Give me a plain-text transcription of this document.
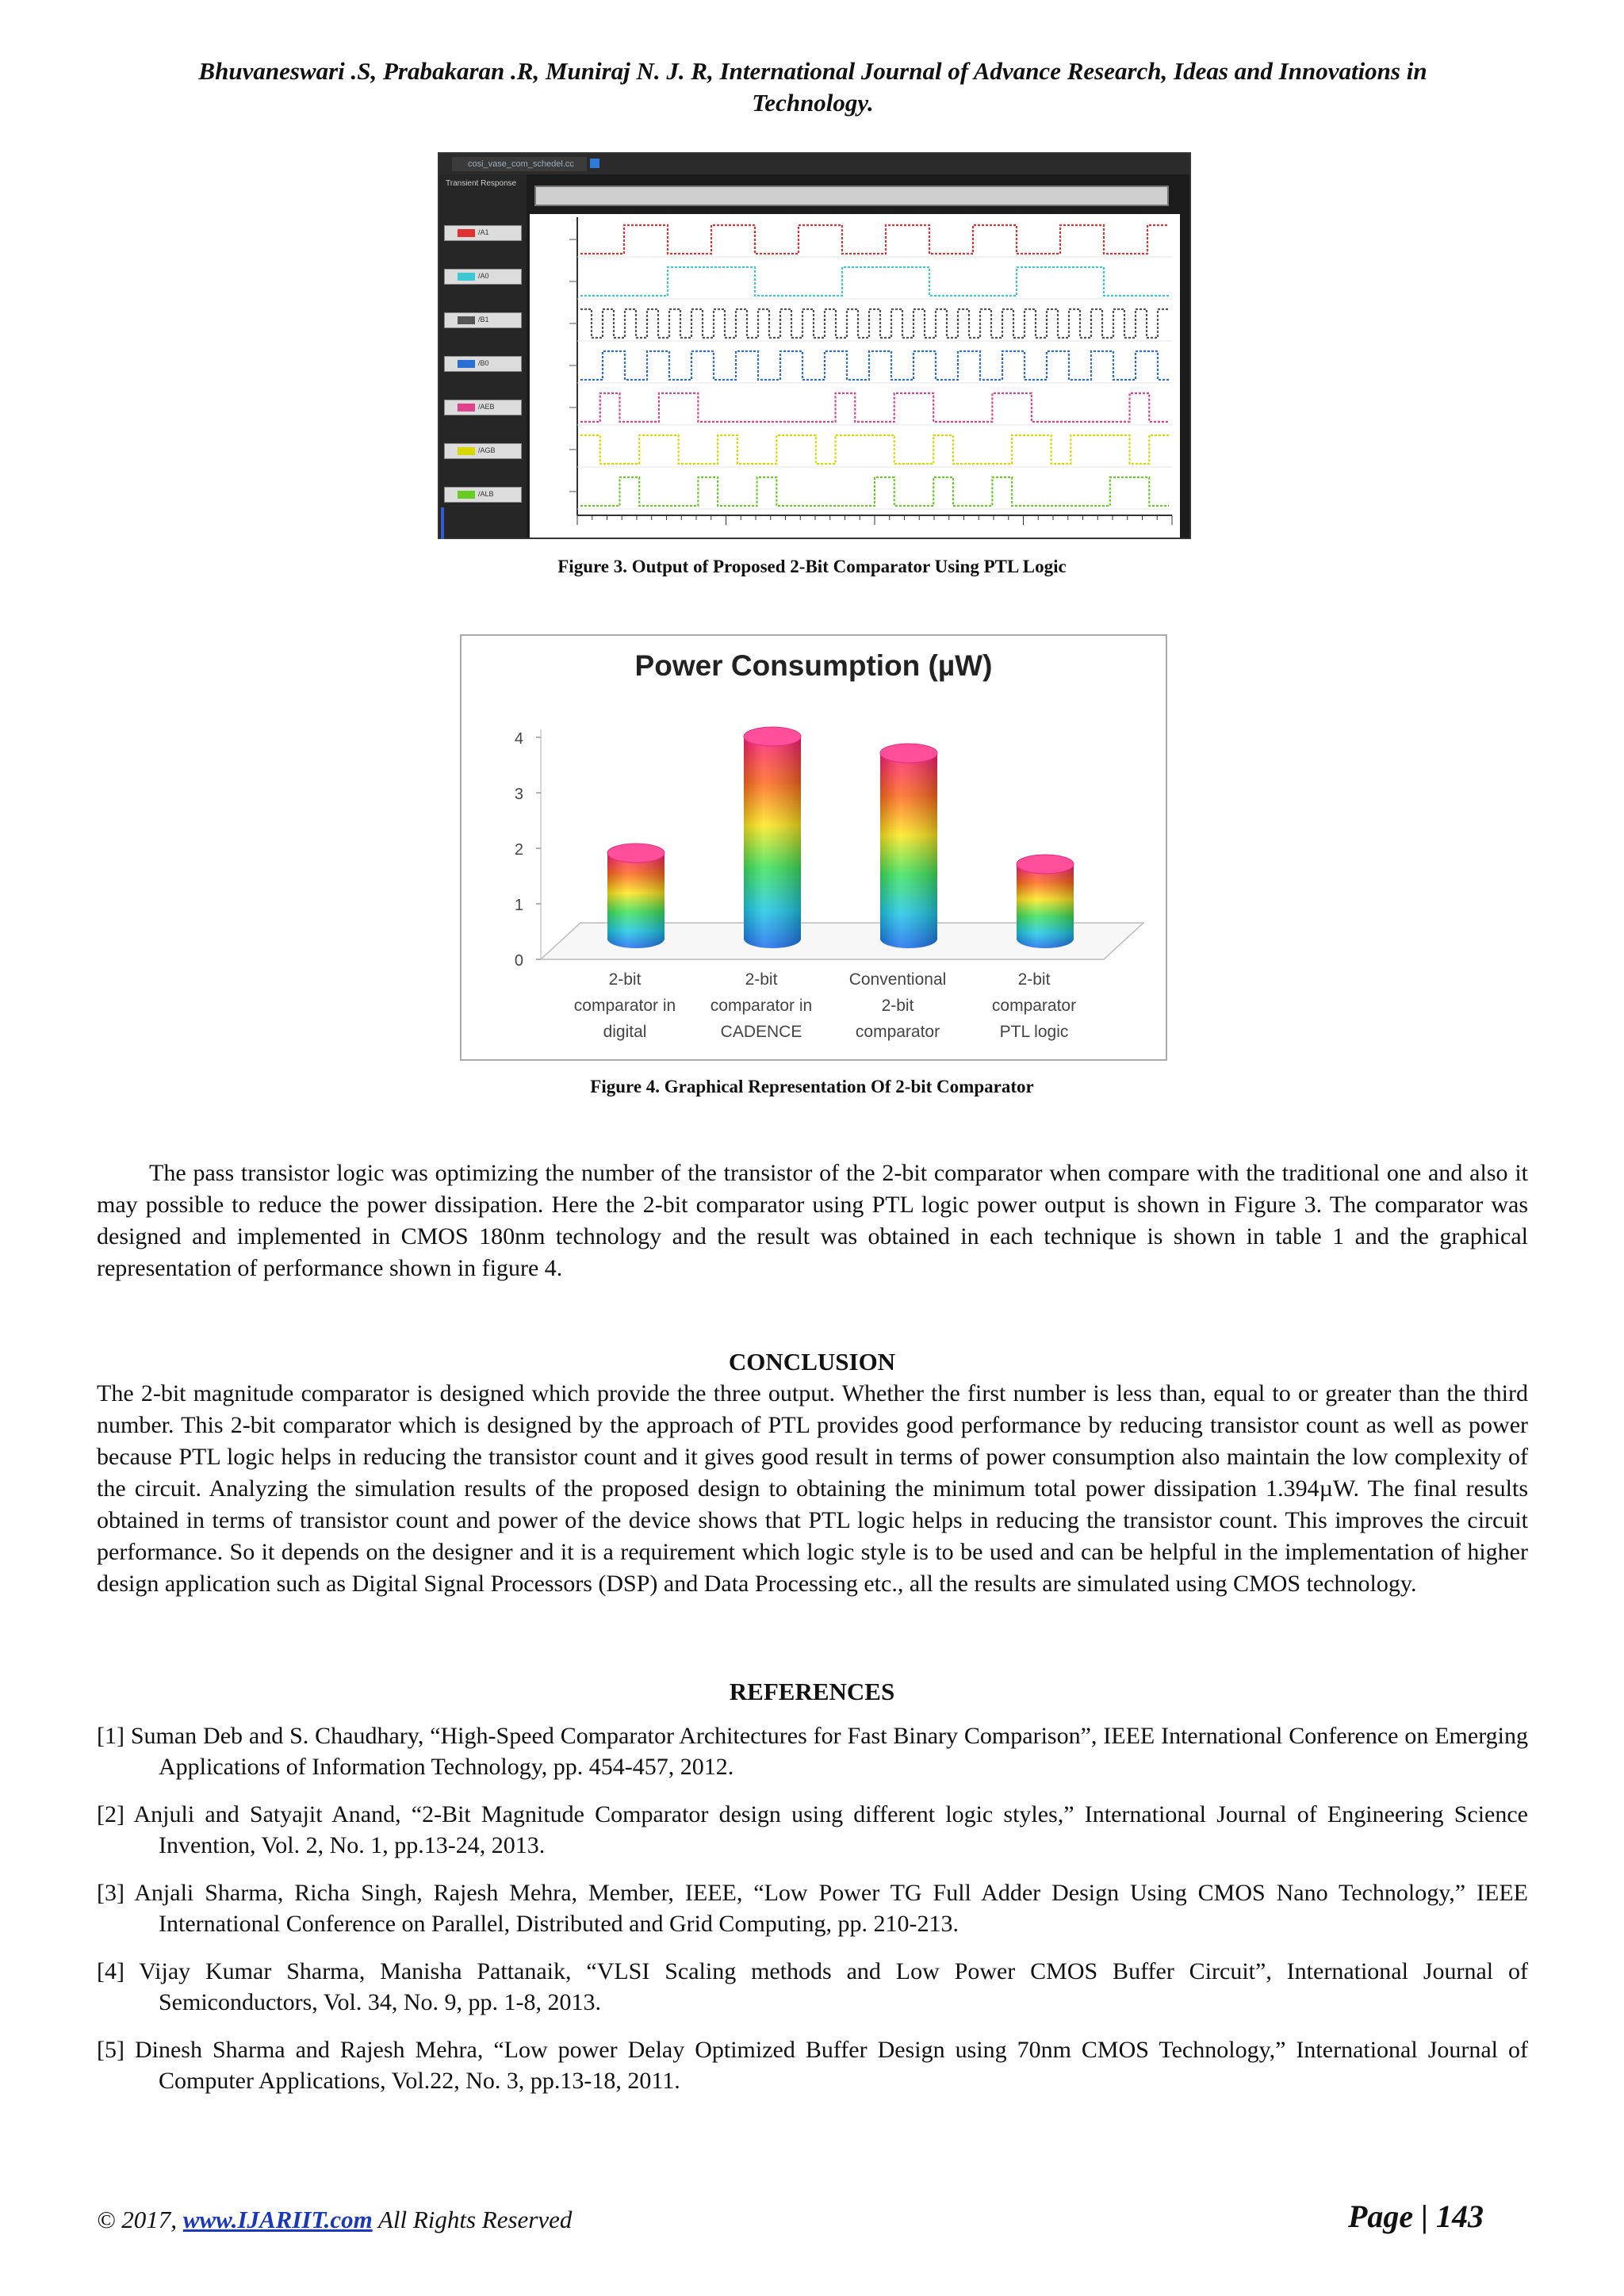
Bhuvaneswari .S, Prabakaran .R, Muniraj N. J. R, International Journal of Advance Research, Ideas and Innovations in
Technology.
cosi_vase_com_schedel.cc
Transient Response
/A1
/A0
/B1
/B0
/AEB
/AGB
/ALB
Figure 3. Output of Proposed 2-Bit Comparator Using PTL Logic
Power Consumption (µW)
0
1
2
3
4
2-bit
comparator in
digital
2-bit
comparator in
CADENCE
Conventional
2-bit
comparator
2-bit
comparator
PTL logic
Figure 4. Graphical Representation Of 2-bit Comparator
The pass transistor logic was optimizing the number of the transistor of the 2-bit comparator when compare with the traditional one and also it may possible to reduce the power dissipation. Here the 2-bit comparator using PTL logic power output is shown in Figure 3. The comparator was designed and implemented in CMOS 180nm technology and the result was obtained in each technique is shown in table 1 and the graphical representation of performance shown in figure 4.
CONCLUSION
The 2-bit magnitude comparator is designed which provide the three output. Whether the first number is less than, equal to or greater than the third number. This 2-bit comparator which is designed by the approach of PTL provides good performance by reducing transistor count as well as power because PTL logic helps in reducing the transistor count and it gives good result in terms of power consumption also maintain the low complexity of the circuit. Analyzing the simulation results of the proposed design to obtaining the minimum total power dissipation 1.394µW. The final results obtained in terms of transistor count and power of the device shows that PTL logic helps in reducing the transistor count. This improves the circuit performance. So it depends on the designer and it is a requirement which logic style is to be used and can be helpful in the implementation of higher design application such as Digital Signal Processors (DSP) and Data Processing etc., all the results are simulated using CMOS technology.
REFERENCES
[1] Suman Deb and S. Chaudhary, “High-Speed Comparator Architectures for Fast Binary Comparison”, IEEE International Conference on Emerging Applications of Information Technology, pp. 454-457, 2012.
[2] Anjuli and Satyajit Anand, “2-Bit Magnitude Comparator design using different logic styles,” International Journal of Engineering Science Invention, Vol. 2, No. 1, pp.13-24, 2013.
[3] Anjali Sharma, Richa Singh, Rajesh Mehra, Member, IEEE, “Low Power TG Full Adder Design Using CMOS Nano Technology,” IEEE International Conference on Parallel, Distributed and Grid Computing, pp. 210-213.
[4] Vijay Kumar Sharma, Manisha Pattanaik, “VLSI Scaling methods and Low Power CMOS Buffer Circuit”, International Journal of Semiconductors, Vol. 34, No. 9, pp. 1-8, 2013.
[5] Dinesh Sharma and Rajesh Mehra, “Low power Delay Optimized Buffer Design using 70nm CMOS Technology,” International Journal of Computer Applications, Vol.22, No. 3, pp.13-18, 2011.
© 2017, www.IJARIIT.com All Rights Reserved	Page | 143
